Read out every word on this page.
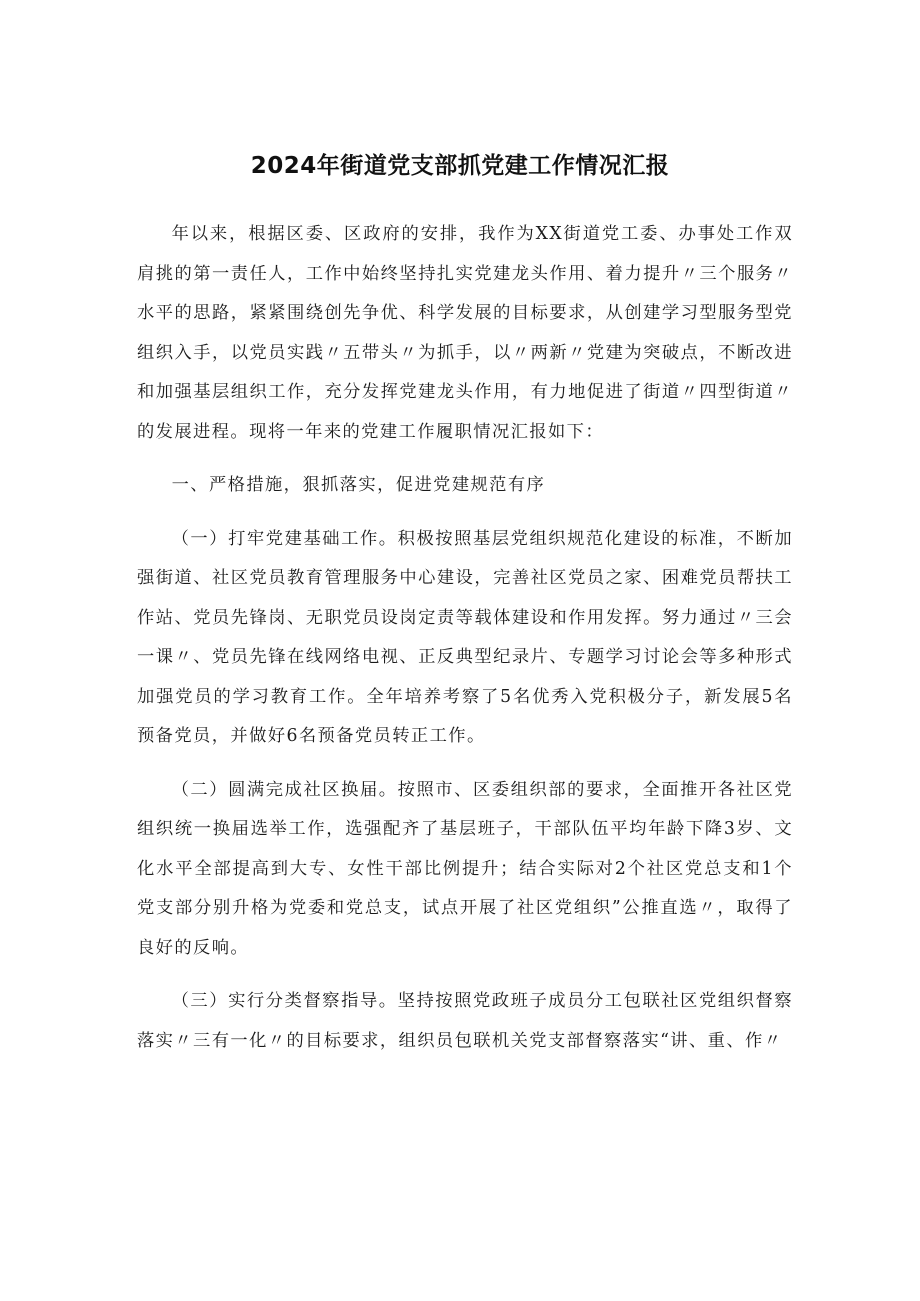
2024年街道党支部抓党建工作情况汇报

年以来，根据区委、区政府的安排，我作为XX街道党工委、办事处工作双肩挑的第一责任人，工作中始终坚持扎实党建龙头作用、着力提升〃三个服务〃水平的思路，紧紧围绕创先争优、科学发展的目标要求，从创建学习型服务型党组织入手，以党员实践〃五带头〃为抓手，以〃两新〃党建为突破点，不断改进和加强基层组织工作，充分发挥党建龙头作用，有力地促进了街道〃四型街道〃的发展进程。现将一年来的党建工作履职情况汇报如下：

一、严格措施，狠抓落实，促进党建规范有序

（一）打牢党建基础工作。积极按照基层党组织规范化建设的标准，不断加强街道、社区党员教育管理服务中心建设，完善社区党员之家、困难党员帮扶工作站、党员先锋岗、无职党员设岗定责等载体建设和作用发挥。努力通过〃三会一课〃、党员先锋在线网络电视、正反典型纪录片、专题学习讨论会等多种形式加强党员的学习教育工作。全年培养考察了5名优秀入党积极分子，新发展5名预备党员，并做好6名预备党员转正工作。

（二）圆满完成社区换届。按照市、区委组织部的要求，全面推开各社区党组织统一换届选举工作，选强配齐了基层班子，干部队伍平均年龄下降3岁、文化水平全部提高到大专、女性干部比例提升；结合实际对2个社区党总支和1个党支部分别升格为党委和党总支，试点开展了社区党组织”公推直选〃，取得了良好的反响。

（三）实行分类督察指导。坚持按照党政班子成员分工包联社区党组织督察落实〃三有一化〃的目标要求，组织员包联机关党支部督察落实“讲、重、作〃
